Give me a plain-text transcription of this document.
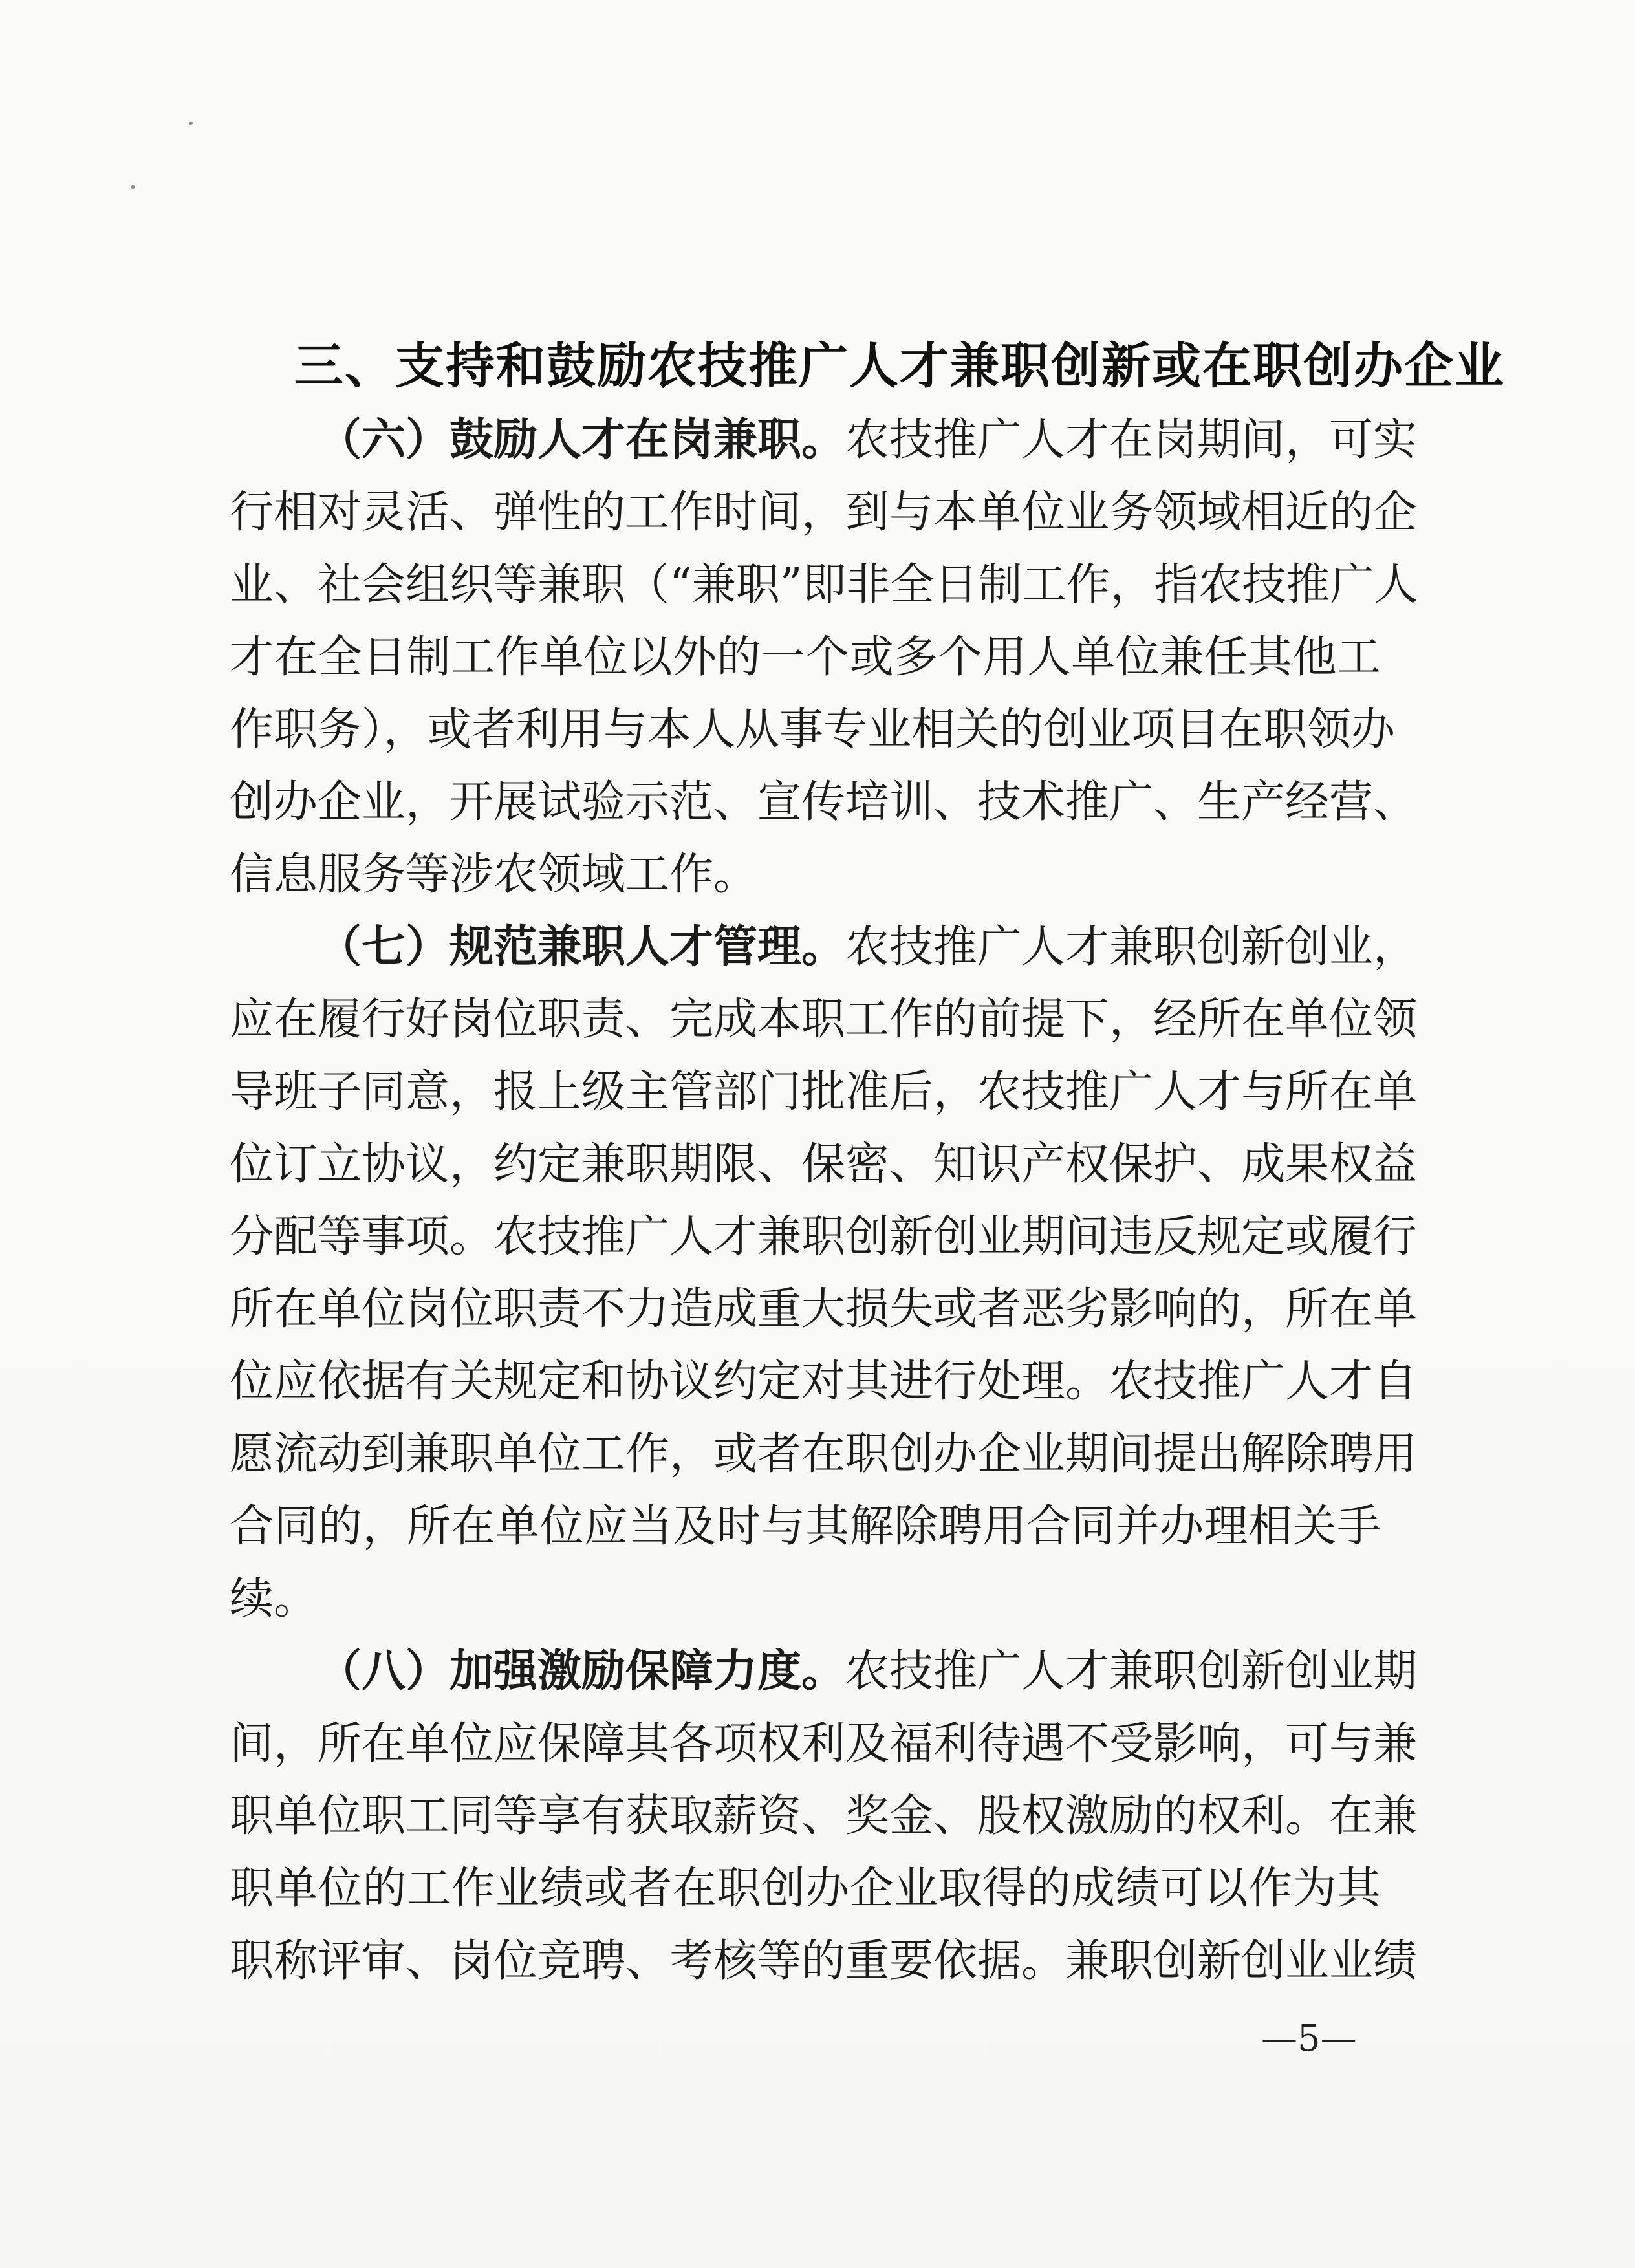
三、支持和鼓励农技推广人才兼职创新或在职创办企业
（六）鼓励人才在岗兼职。农技推广人才在岗期间，可实
行相对灵活、弹性的工作时间，到与本单位业务领域相近的企
业、社会组织等兼职（“兼职”即非全日制工作，指农技推广人
才在全日制工作单位以外的一个或多个用人单位兼任其他工
作职务），或者利用与本人从事专业相关的创业项目在职领办
创办企业，开展试验示范、宣传培训、技术推广、生产经营、
信息服务等涉农领域工作。
（七）规范兼职人才管理。农技推广人才兼职创新创业，
应在履行好岗位职责、完成本职工作的前提下，经所在单位领
导班子同意，报上级主管部门批准后，农技推广人才与所在单
位订立协议，约定兼职期限、保密、知识产权保护、成果权益
分配等事项。农技推广人才兼职创新创业期间违反规定或履行
所在单位岗位职责不力造成重大损失或者恶劣影响的，所在单
位应依据有关规定和协议约定对其进行处理。农技推广人才自
愿流动到兼职单位工作，或者在职创办企业期间提出解除聘用
合同的，所在单位应当及时与其解除聘用合同并办理相关手
续。
（八）加强激励保障力度。农技推广人才兼职创新创业期
间，所在单位应保障其各项权利及福利待遇不受影响，可与兼
职单位职工同等享有获取薪资、奖金、股权激励的权利。在兼
职单位的工作业绩或者在职创办企业取得的成绩可以作为其
职称评审、岗位竞聘、考核等的重要依据。兼职创新创业业绩
—5—
